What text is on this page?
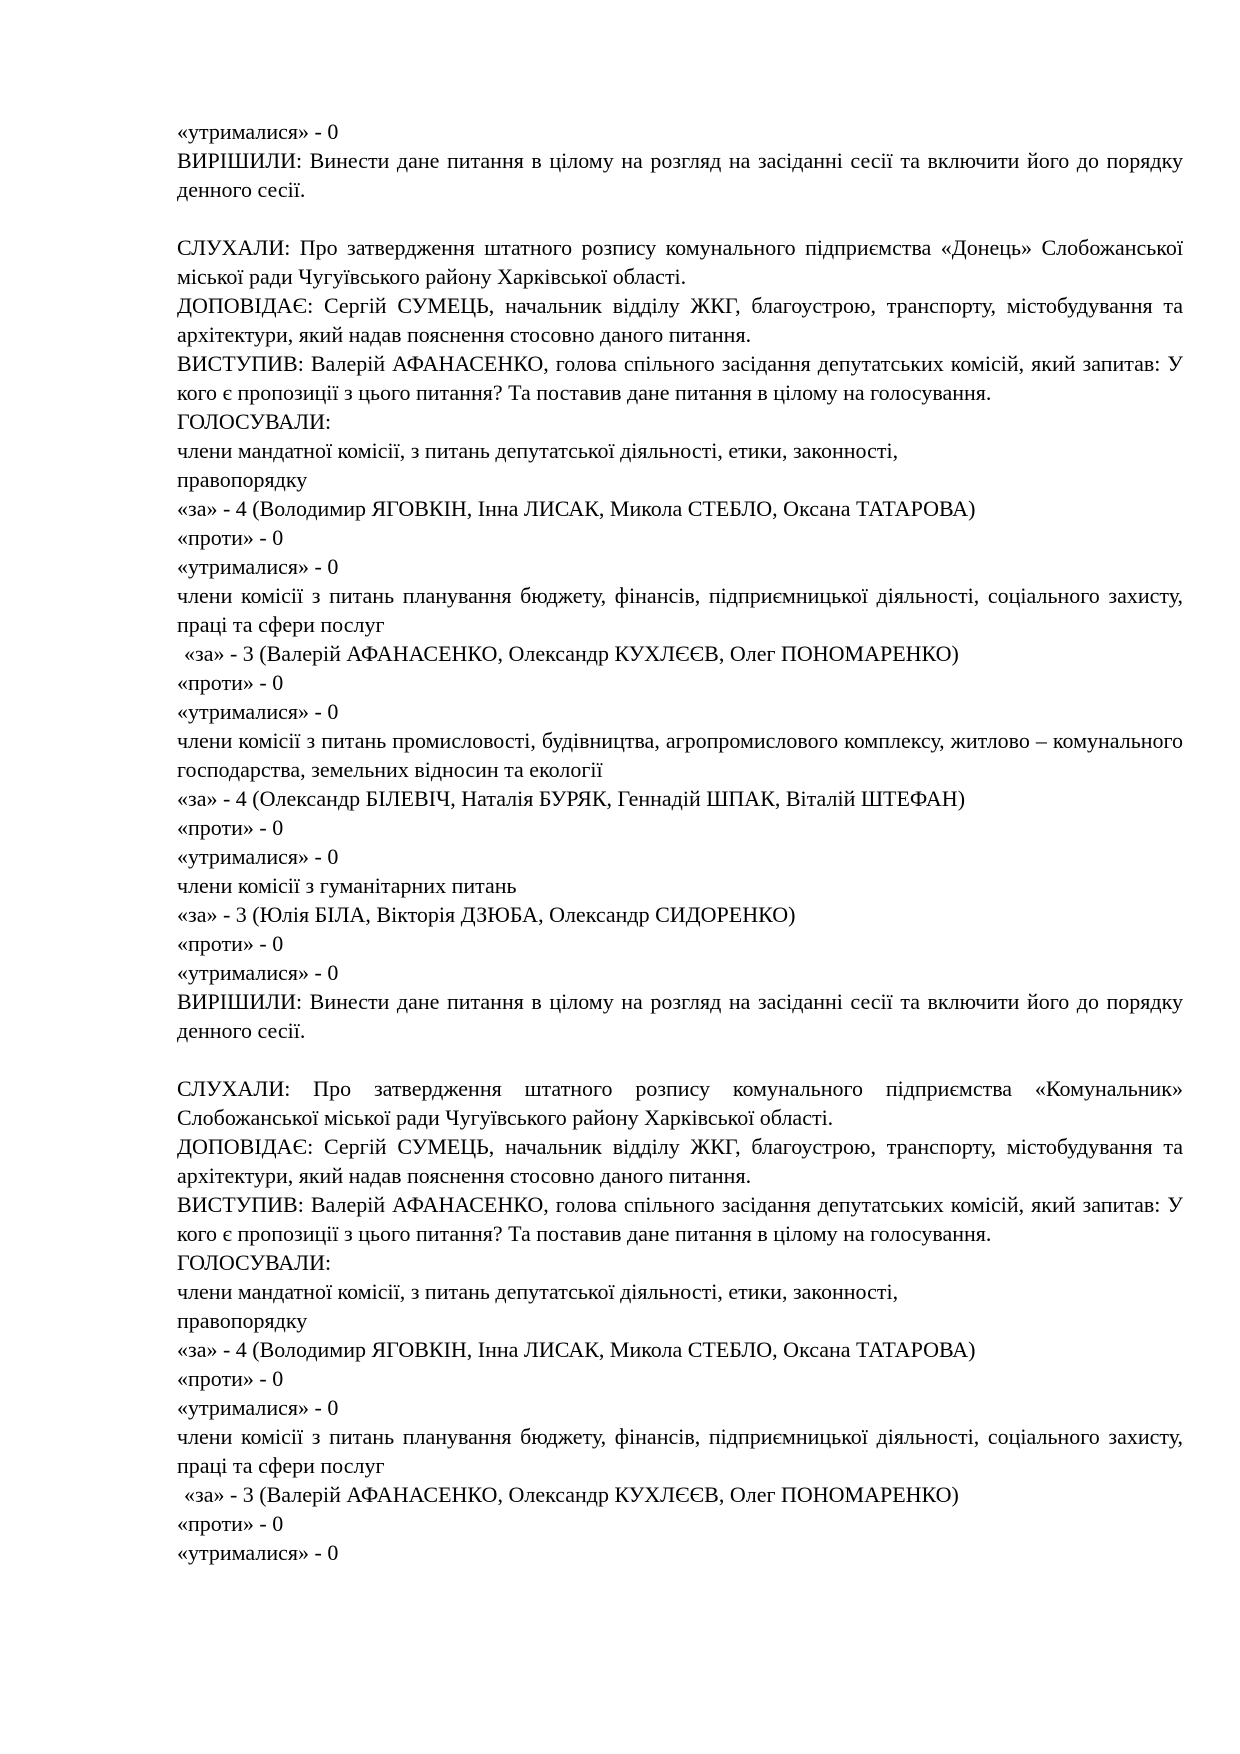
«утрималися» - 0
ВИРІШИЛИ: Винести дане питання в цілому на розгляд на засіданні сесії та включити його до порядку денного сесії.
СЛУХАЛИ: Про затвердження штатного розпису комунального підприємства «Донець» Слобожанської міської ради Чугуївського району Харківської області.
ДОПОВІДАЄ: Сергій СУМЕЦЬ, начальник відділу ЖКГ, благоустрою, транспорту, містобудування та архітектури, який надав пояснення стосовно даного питання.
ВИСТУПИВ: Валерій АФАНАСЕНКО, голова спільного засідання депутатських комісій, який запитав: У кого є пропозиції з цього питання? Та поставив дане питання в цілому на голосування.
ГОЛОСУВАЛИ:
члени мандатної комісії, з питань депутатської діяльності, етики, законності,
правопорядку
«за» - 4 (Володимир ЯГОВКІН, Інна ЛИСАК, Микола СТЕБЛО, Оксана ТАТАРОВА)
«проти» - 0
«утрималися» - 0
члени комісії з питань планування бюджету, фінансів, підприємницької діяльності, соціального захисту, праці та сфери послуг
«за» - 3 (Валерій АФАНАСЕНКО, Олександр КУХЛЄЄВ, Олег ПОНОМАРЕНКО)
«проти» - 0
«утрималися» - 0
члени комісії з питань промисловості, будівництва, агропромислового комплексу, житлово – комунального господарства, земельних відносин та екології
«за» - 4 (Олександр БІЛЕВІЧ, Наталія БУРЯК, Геннадій ШПАК, Віталій ШТЕФАН)
«проти» - 0
«утрималися» - 0
члени комісії з гуманітарних питань
«за» - 3 (Юлія БІЛА, Вікторія ДЗЮБА, Олександр СИДОРЕНКО)
«проти» - 0
«утрималися» - 0
ВИРІШИЛИ: Винести дане питання в цілому на розгляд на засіданні сесії та включити його до порядку денного сесії.
СЛУХАЛИ: Про затвердження штатного розпису комунального підприємства «Комунальник» Слобожанської міської ради Чугуївського району Харківської області.
ДОПОВІДАЄ: Сергій СУМЕЦЬ, начальник відділу ЖКГ, благоустрою, транспорту, містобудування та архітектури, який надав пояснення стосовно даного питання.
ВИСТУПИВ: Валерій АФАНАСЕНКО, голова спільного засідання депутатських комісій, який запитав: У кого є пропозиції з цього питання? Та поставив дане питання в цілому на голосування.
ГОЛОСУВАЛИ:
члени мандатної комісії, з питань депутатської діяльності, етики, законності,
правопорядку
«за» - 4 (Володимир ЯГОВКІН, Інна ЛИСАК, Микола СТЕБЛО, Оксана ТАТАРОВА)
«проти» - 0
«утрималися» - 0
члени комісії з питань планування бюджету, фінансів, підприємницької діяльності, соціального захисту, праці та сфери послуг
«за» - 3 (Валерій АФАНАСЕНКО, Олександр КУХЛЄЄВ, Олег ПОНОМАРЕНКО)
«проти» - 0
«утрималися» - 0
